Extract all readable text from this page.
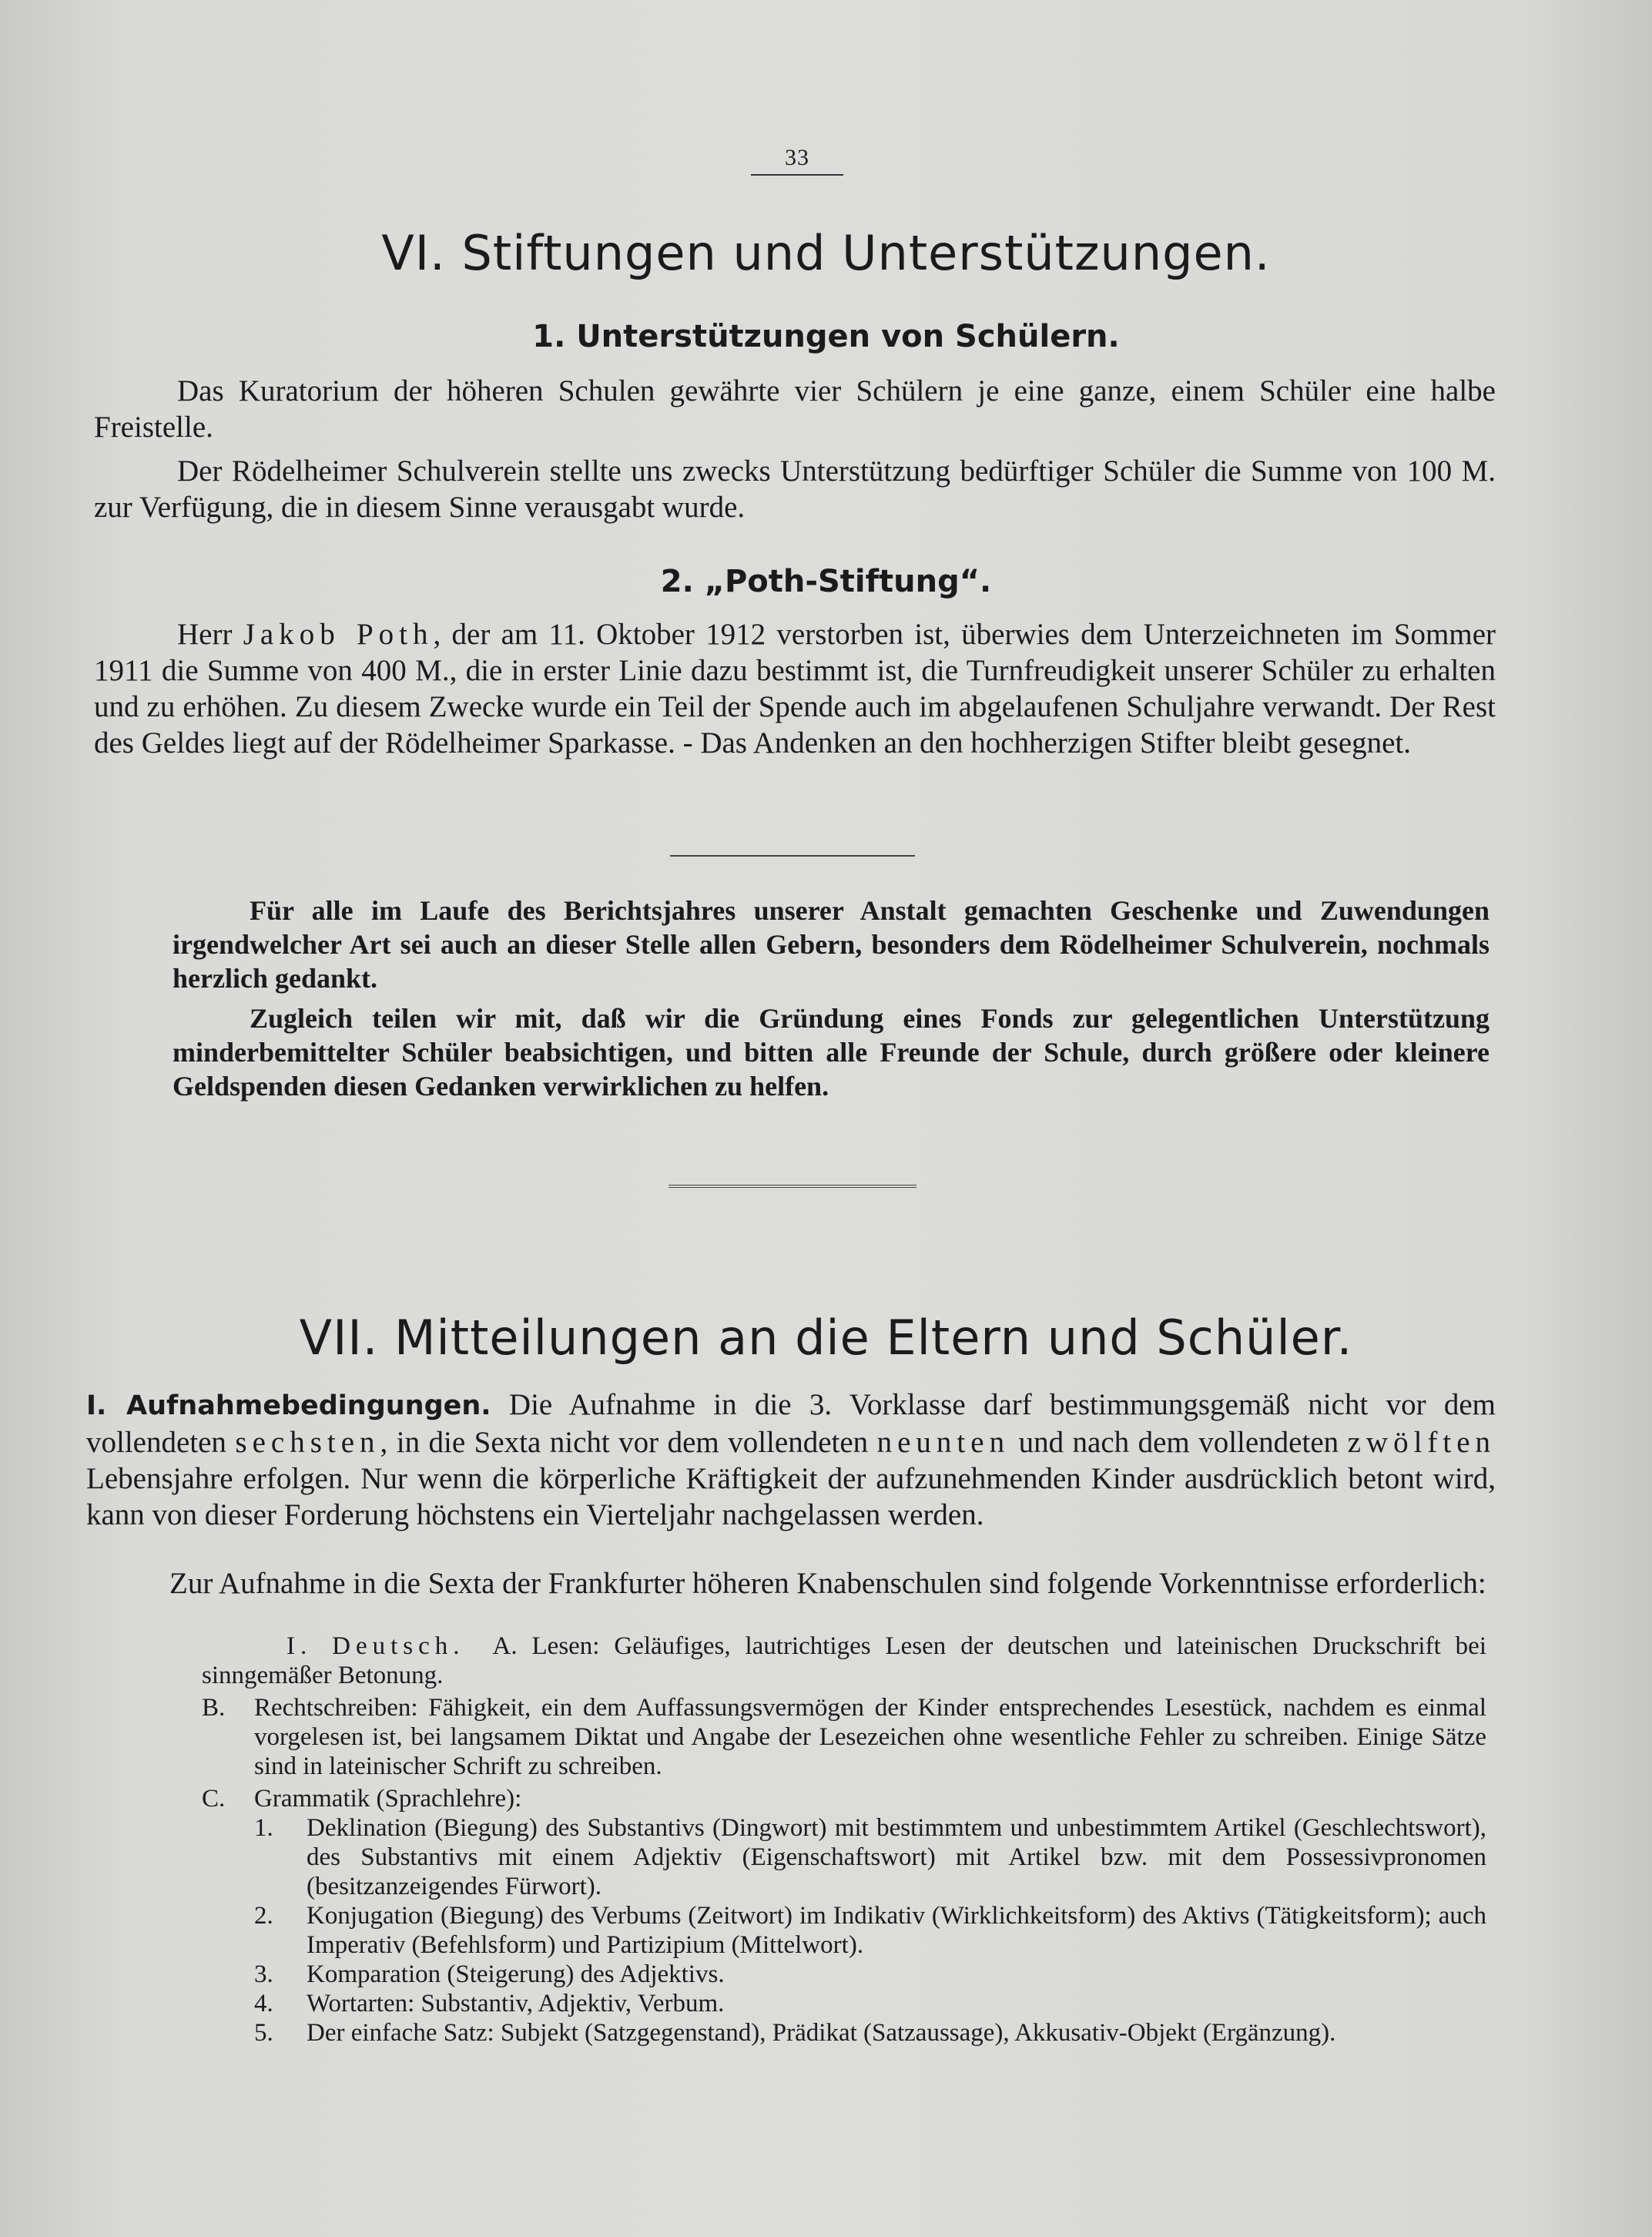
33
VI. Stiftungen und Unterstützungen.
1. Unterstützungen von Schülern.

Das Kuratorium der höheren Schulen gewährte vier Schülern je eine ganze, einem Schüler eine halbe Freistelle.

Der Rödelheimer Schulverein stellte uns zwecks Unterstützung bedürftiger Schüler die Summe von 100 M. zur Verfügung, die in diesem Sinne verausgabt wurde.

2. „Poth-Stiftung“.

Herr Jakob Poth, der am 11. Oktober 1912 verstorben ist, überwies dem Unterzeichneten im Sommer 1911 die Summe von 400 M., die in erster Linie dazu bestimmt ist, die Turnfreudigkeit unserer Schüler zu erhalten und zu erhöhen. Zu diesem Zwecke wurde ein Teil der Spende auch im abgelaufenen Schuljahre verwandt. Der Rest des Geldes liegt auf der Rödelheimer Sparkasse. - Das Andenken an den hochherzigen Stifter bleibt gesegnet.

Für alle im Laufe des Berichtsjahres unserer Anstalt gemachten Geschenke und Zuwendungen irgendwelcher Art sei auch an dieser Stelle allen Gebern, besonders dem Rödelheimer Schulverein, nochmals herzlich gedankt.

Zugleich teilen wir mit, daß wir die Gründung eines Fonds zur gelegentlichen Unterstützung minderbemittelter Schüler beabsichtigen, und bitten alle Freunde der Schule, durch größere oder kleinere Geldspenden diesen Gedanken verwirklichen zu helfen.

VII. Mitteilungen an die Eltern und Schüler.

I. Aufnahmebedingungen. Die Aufnahme in die 3. Vorklasse darf bestimmungsgemäß nicht vor dem vollendeten sechsten, in die Sexta nicht vor dem vollendeten neunten und nach dem vollendeten zwölften Lebensjahre erfolgen. Nur wenn die körperliche Kräftigkeit der aufzunehmenden Kinder ausdrücklich betont wird, kann von dieser Forderung höchstens ein Vierteljahr nachgelassen werden.

Zur Aufnahme in die Sexta der Frankfurter höheren Knabenschulen sind folgende Vorkenntnisse erforderlich:

I. Deutsch. A. Lesen: Geläufiges, lautrichtiges Lesen der deutschen und lateinischen Druckschrift bei sinngemäßer Betonung.

B.	Rechtschreiben: Fähigkeit, ein dem Auffassungsvermögen der Kinder entsprechendes Lesestück, nachdem es einmal vorgelesen ist, bei langsamem Diktat und Angabe der Lesezeichen ohne wesentliche Fehler zu schreiben. Einige Sätze sind in lateinischer Schrift zu schreiben.
C.	Grammatik (Sprachlehre):
1.	Deklination (Biegung) des Substantivs (Dingwort) mit bestimmtem und unbestimmtem Artikel (Geschlechtswort), des Substantivs mit einem Adjektiv (Eigenschaftswort) mit Artikel bzw. mit dem Possessivpronomen (besitzanzeigendes Fürwort).
2.	Konjugation (Biegung) des Verbums (Zeitwort) im Indikativ (Wirklichkeitsform) des Aktivs (Tätigkeitsform); auch Imperativ (Befehlsform) und Partizipium (Mittelwort).
3.	Komparation (Steigerung) des Adjektivs.
4.	Wortarten: Substantiv, Adjektiv, Verbum.
5.	Der einfache Satz: Subjekt (Satzgegenstand), Prädikat (Satzaussage), Akkusativ-Objekt (Ergänzung).
